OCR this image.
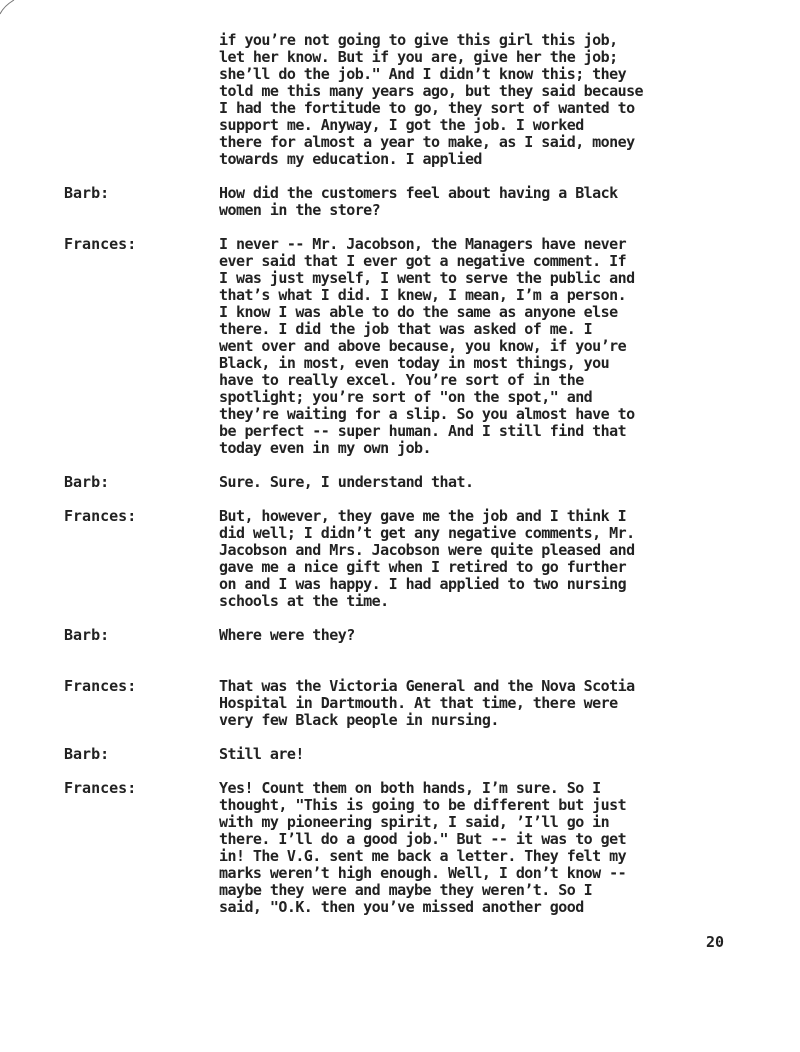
if you’re not going to give this girl this job,
let her know. But if you are, give her the job;
she’ll do the job." And I didn’t know this; they
told me this many years ago, but they said because
I had the fortitude to go, they sort of wanted to
support me. Anyway, I got the job. I worked
there for almost a year to make, as I said, money
towards my education. I applied
Barb:	How did the customers feel about having a Black
women in the store?
Frances:	I never -- Mr. Jacobson, the Managers have never
ever said that I ever got a negative comment. If
I was just myself, I went to serve the public and
that’s what I did. I knew, I mean, I’m a person.
I know I was able to do the same as anyone else
there. I did the job that was asked of me. I
went over and above because, you know, if you’re
Black, in most, even today in most things, you
have to really excel. You’re sort of in the
spotlight; you’re sort of "on the spot," and
they’re waiting for a slip. So you almost have to
be perfect -- super human. And I still find that
today even in my own job.
Barb:	Sure. Sure, I understand that.
Frances:	But, however, they gave me the job and I think I
did well; I didn’t get any negative comments, Mr.
Jacobson and Mrs. Jacobson were quite pleased and
gave me a nice gift when I retired to go further
on and I was happy. I had applied to two nursing
schools at the time.
Barb:	Where were they?
Frances:	That was the Victoria General and the Nova Scotia
Hospital in Dartmouth. At that time, there were
very few Black people in nursing.
Barb:	Still are!
Frances:	Yes! Count them on both hands, I’m sure. So I
thought, "This is going to be different but just
with my pioneering spirit, I said, ’I’ll go in
there. I’ll do a good job." But -- it was to get
in! The V.G. sent me back a letter. They felt my
marks weren’t high enough. Well, I don’t know --
maybe they were and maybe they weren’t. So I
said, "O.K. then you’ve missed another good
20
